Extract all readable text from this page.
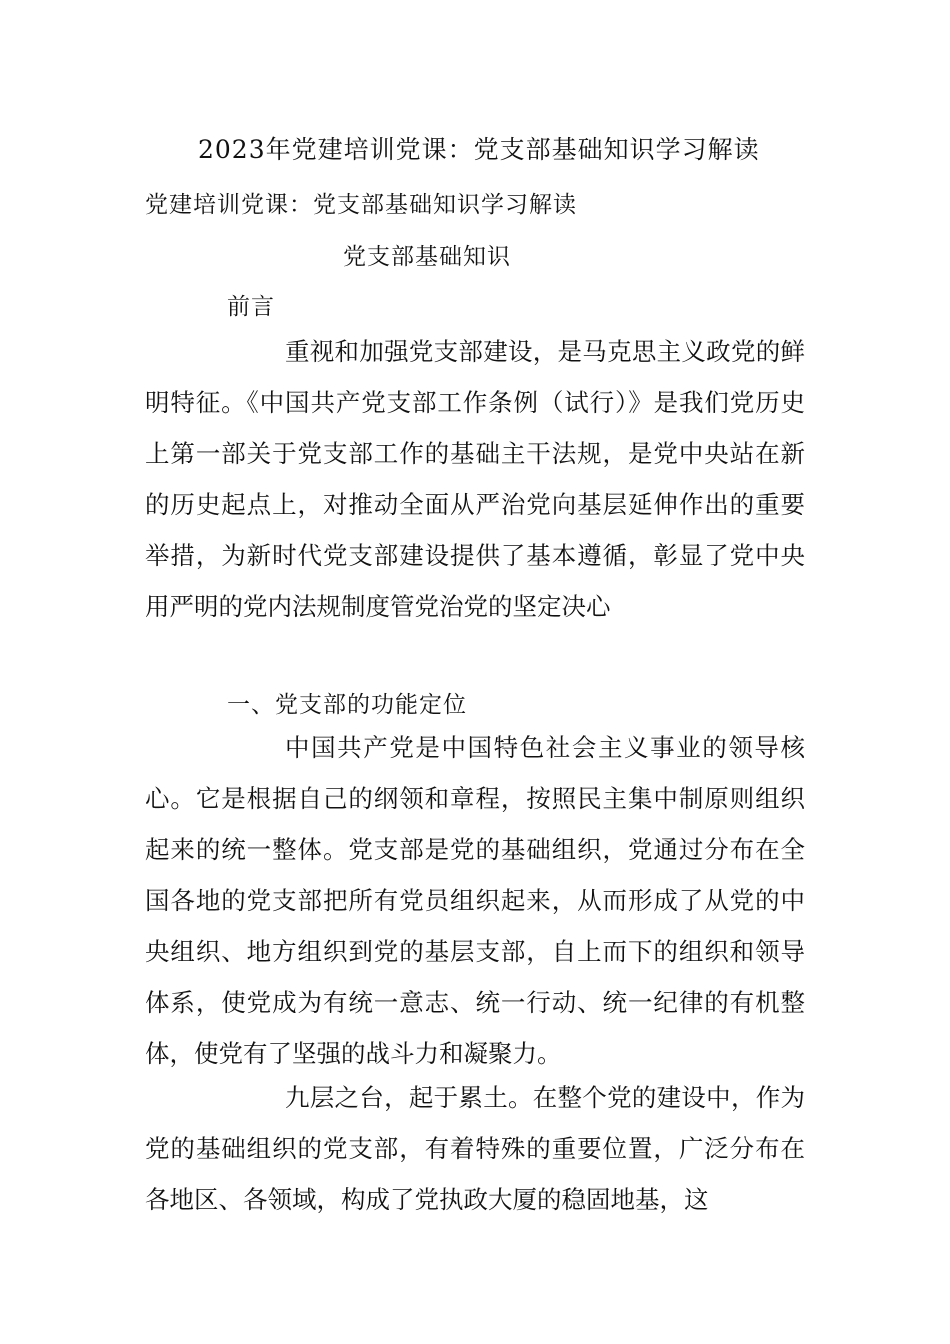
2023年党建培训党课：党支部基础知识学习解读
党建培训党课：党支部基础知识学习解读
党支部基础知识
前言

重视和加强党支部建设，是马克思主义政党的鲜明特征。《中国共产党支部工作条例（试行）》是我们党历史上第一部关于党支部工作的基础主干法规，是党中央站在新的历史起点上，对推动全面从严治党向基层延伸作出的重要举措，为新时代党支部建设提供了基本遵循，彰显了党中央用严明的党内法规制度管党治党的坚定决心

一、党支部的功能定位

中国共产党是中国特色社会主义事业的领导核心。它是根据自己的纲领和章程，按照民主集中制原则组织起来的统一整体。党支部是党的基础组织，党通过分布在全国各地的党支部把所有党员组织起来，从而形成了从党的中央组织、地方组织到党的基层支部，自上而下的组织和领导体系，使党成为有统一意志、统一行动、统一纪律的有机整体，使党有了坚强的战斗力和凝聚力。

九层之台，起于累土。在整个党的建设中，作为党的基础组织的党支部，有着特殊的重要位置，广泛分布在各地区、各领域，构成了党执政大厦的稳固地基，这
